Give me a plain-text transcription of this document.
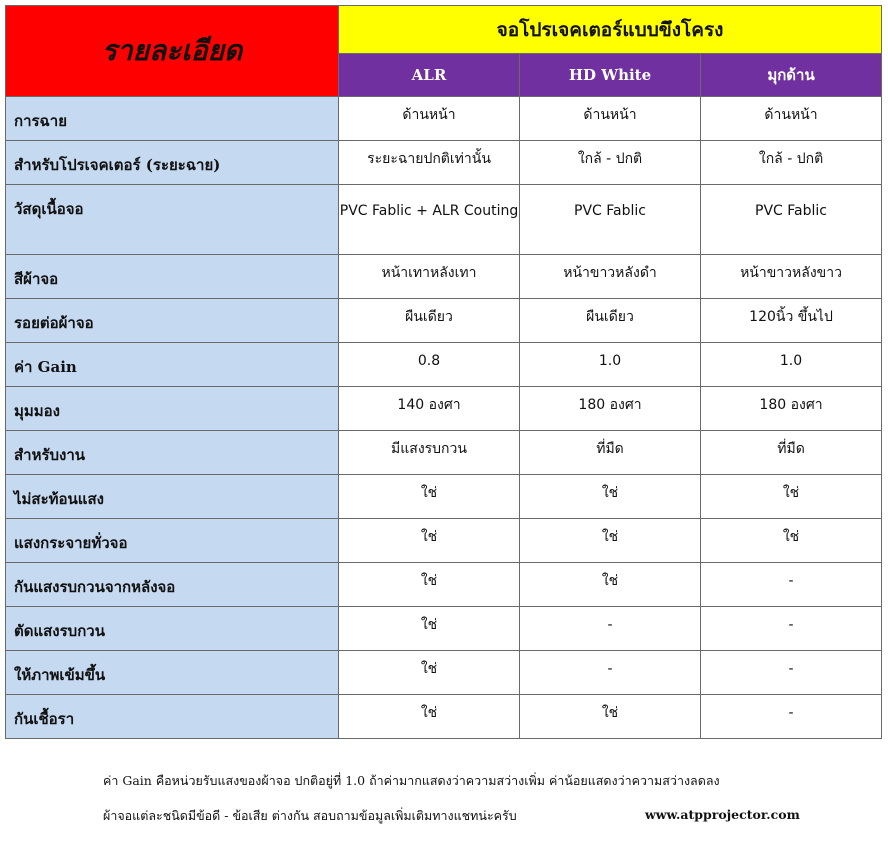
รายละเอียด	จอโปรเจคเตอร์แบบขึงโครง		
	ALR	HD White	มุกด้าน
การฉาย	ด้านหน้า	ด้านหน้า	ด้านหน้า
สำหรับโปรเจคเตอร์ (ระยะฉาย)	ระยะฉายปกติเท่านั้น	ใกล้ - ปกติ	ใกล้ - ปกติ
วัสดุเนื้อจอ	PVC Fablic + ALR Couting	PVC Fablic	PVC Fablic
สีผ้าจอ	หน้าเทาหลังเทา	หน้าขาวหลังดำ	หน้าขาวหลังขาว
รอยต่อผ้าจอ	ผืนเดียว	ผืนเดียว	120นิ้ว ขึ้นไป
ค่า Gain	0.8	1.0	1.0
มุมมอง	140 องศา	180 องศา	180 องศา
สำหรับงาน	มีแสงรบกวน	ที่มืด	ที่มืด
ไม่สะท้อนแสง	ใช่	ใช่	ใช่
แสงกระจายทั่วจอ	ใช่	ใช่	ใช่
กันแสงรบกวนจากหลังจอ	ใช่	ใช่	-
ตัดแสงรบกวน	ใช่	-	-
ให้ภาพเข้มขึ้น	ใช่	-	-
กันเชื้อรา	ใช่	ใช่	-
ค่า Gain คือหน่วยรับแสงของผ้าจอ ปกติอยู่ที่ 1.0 ถ้าค่ามากแสดงว่าความสว่างเพิ่ม ค่าน้อยแสดงว่าความสว่างลดลง
ผ้าจอแต่ละชนิดมีข้อดี - ข้อเสีย ต่างกัน สอบถามข้อมูลเพิ่มเติมทางแชทน่ะครับ	www.atpprojector.com
